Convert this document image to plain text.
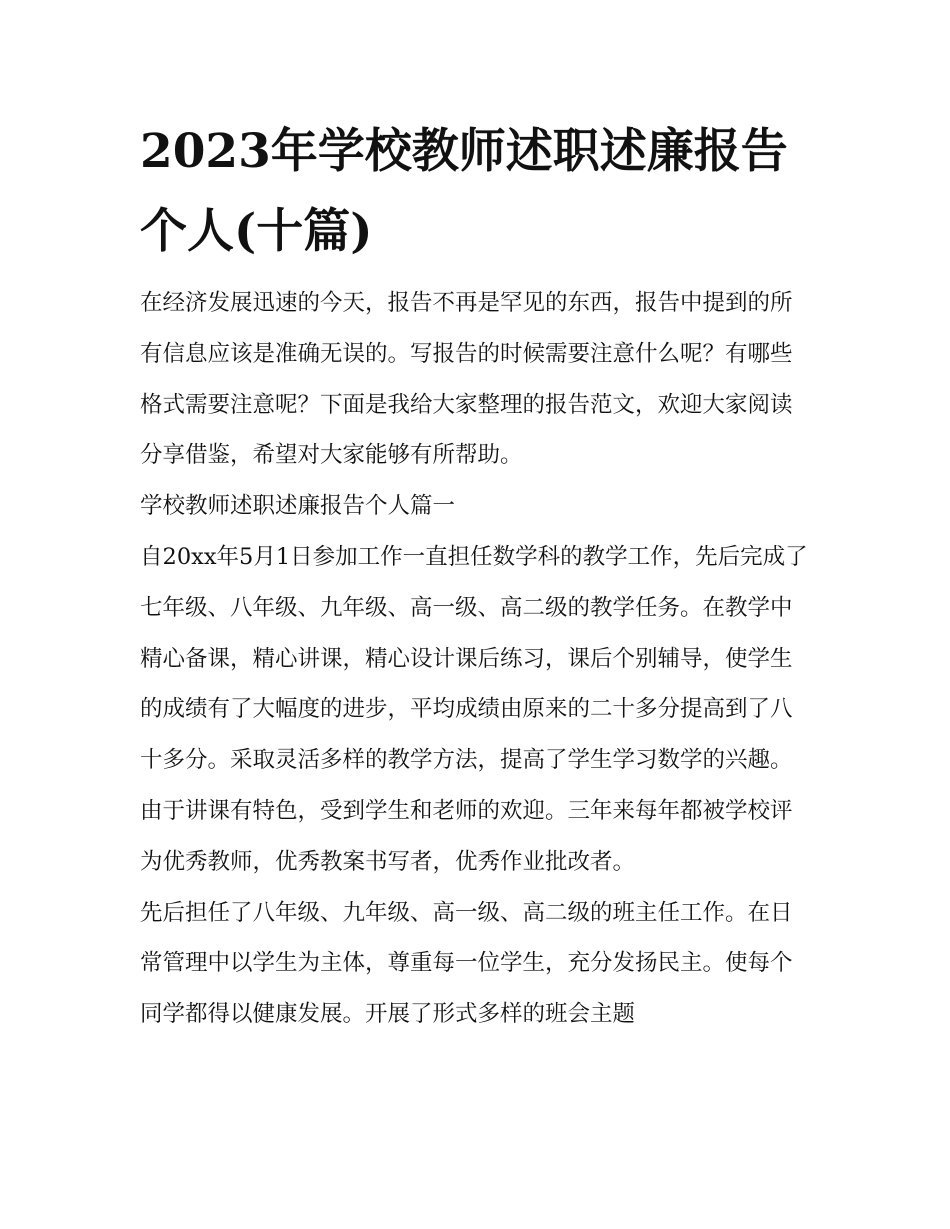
2023年学校教师述职述廉报告个人(十篇)

在经济发展迅速的今天，报告不再是罕见的东西，报告中提到的所有信息应该是准确无误的。写报告的时候需要注意什么呢？有哪些格式需要注意呢？下面是我给大家整理的报告范文，欢迎大家阅读分享借鉴，希望对大家能够有所帮助。

学校教师述职述廉报告个人篇一

自20xx年5月1日参加工作一直担任数学科的教学工作，先后完成了七年级、八年级、九年级、高一级、高二级的教学任务。在教学中精心备课，精心讲课，精心设计课后练习，课后个别辅导，使学生的成绩有了大幅度的进步，平均成绩由原来的二十多分提高到了八十多分。采取灵活多样的教学方法，提高了学生学习数学的兴趣。由于讲课有特色，受到学生和老师的欢迎。三年来每年都被学校评为优秀教师，优秀教案书写者，优秀作业批改者。

先后担任了八年级、九年级、高一级、高二级的班主任工作。在日常管理中以学生为主体，尊重每一位学生，充分发扬民主。使每个同学都得以健康发展。开展了形式多样的班会主题
